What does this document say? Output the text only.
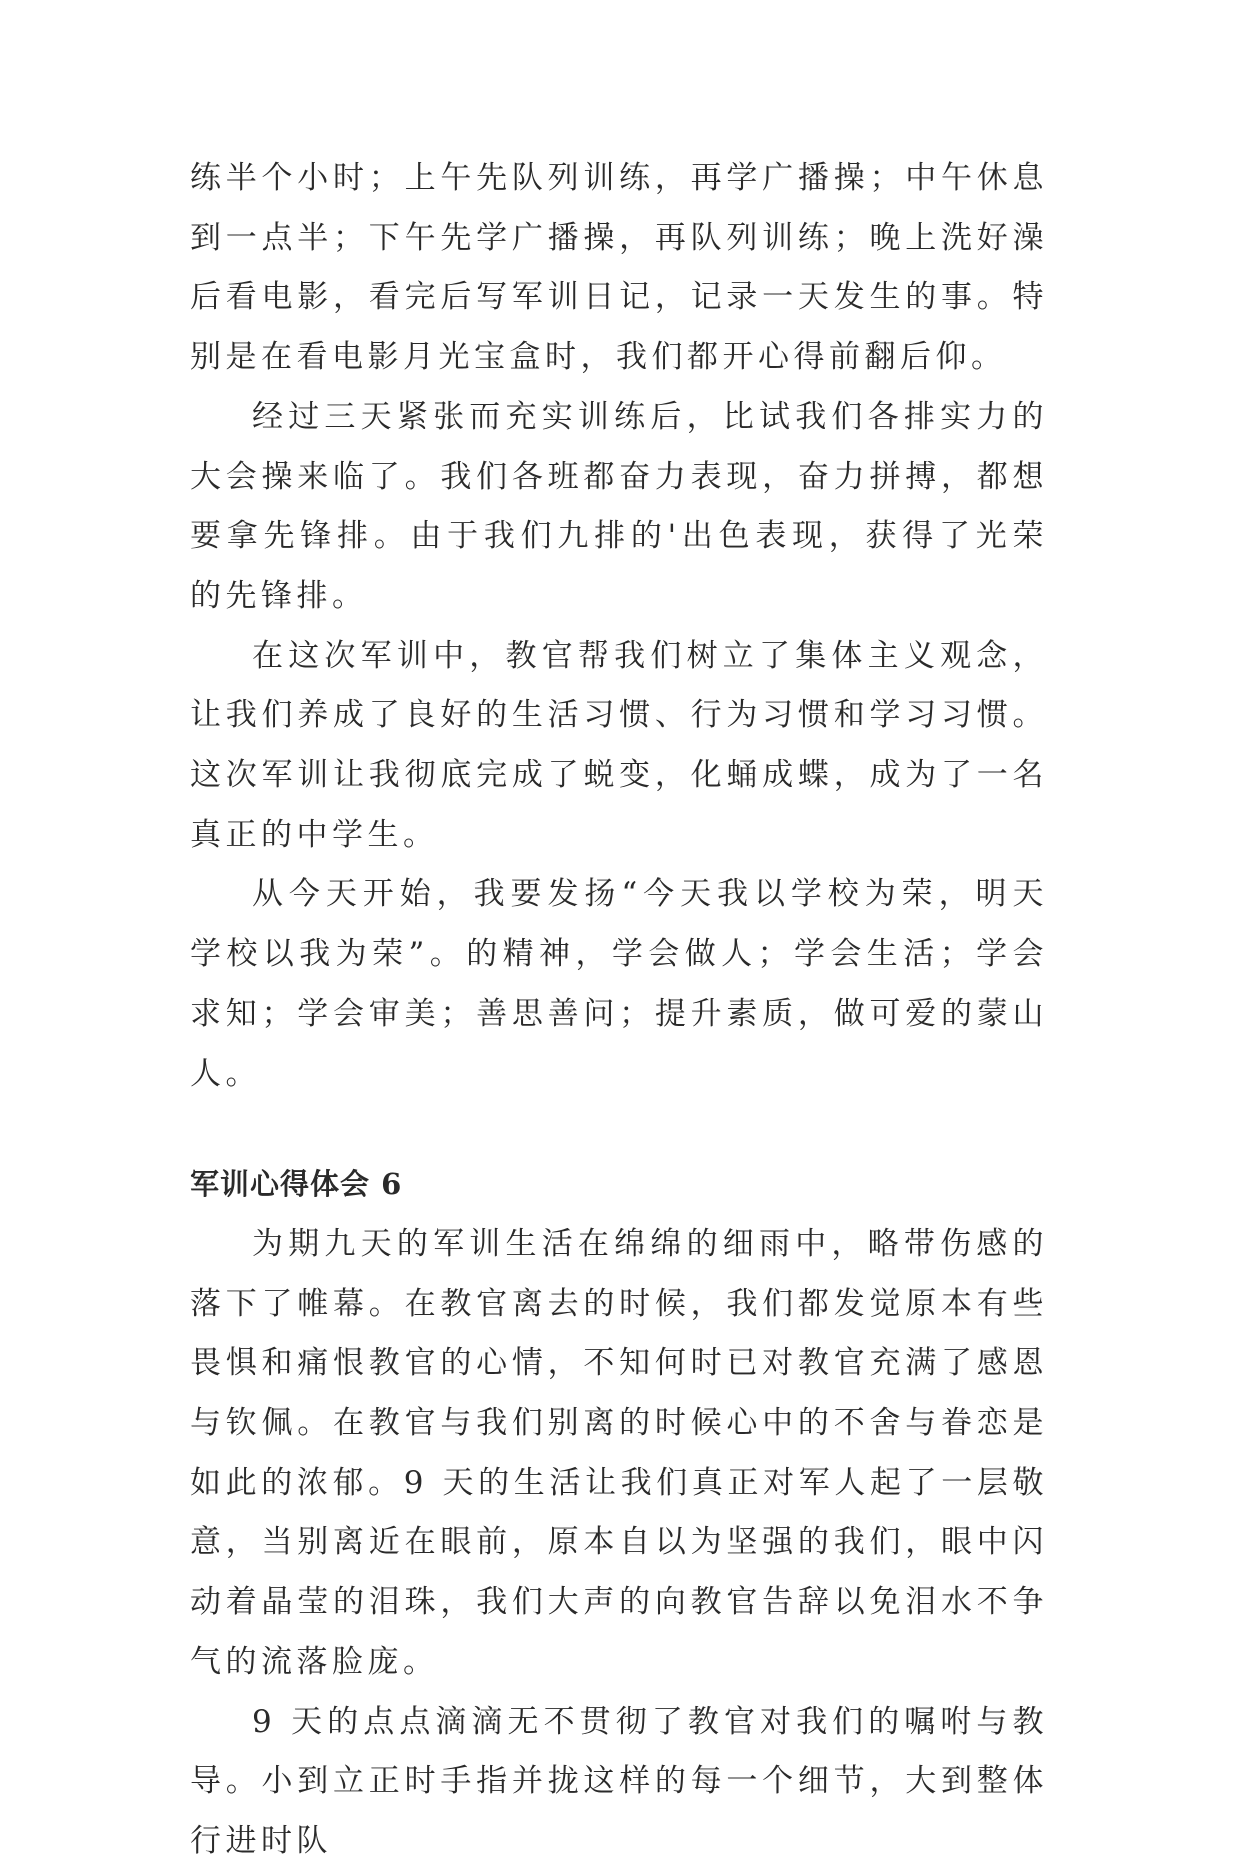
练半个小时；上午先队列训练，再学广播操；中午休息到一点半；下午先学广播操，再队列训练；晚上洗好澡后看电影，看完后写军训日记，记录一天发生的事。特别是在看电影月光宝盒时，我们都开心得前翻后仰。

经过三天紧张而充实训练后，比试我们各排实力的大会操来临了。我们各班都奋力表现，奋力拼搏，都想要拿先锋排。由于我们九排的'出色表现，获得了光荣的先锋排。

在这次军训中，教官帮我们树立了集体主义观念，让我们养成了良好的生活习惯、行为习惯和学习习惯。这次军训让我彻底完成了蜕变，化蛹成蝶，成为了一名真正的中学生。

从今天开始，我要发扬“今天我以学校为荣，明天学校以我为荣”。的精神，学会做人；学会生活；学会求知；学会审美；善思善问；提升素质，做可爱的蒙山人。

军训心得体会 6

为期九天的军训生活在绵绵的细雨中，略带伤感的落下了帷幕。在教官离去的时候，我们都发觉原本有些畏惧和痛恨教官的心情，不知何时已对教官充满了感恩与钦佩。在教官与我们别离的时候心中的不舍与眷恋是如此的浓郁。9 天的生活让我们真正对军人起了一层敬意，当别离近在眼前，原本自以为坚强的我们，眼中闪动着晶莹的泪珠，我们大声的向教官告辞以免泪水不争气的流落脸庞。

9 天的点点滴滴无不贯彻了教官对我们的嘱咐与教导。小到立正时手指并拢这样的每一个细节，大到整体行进时队
